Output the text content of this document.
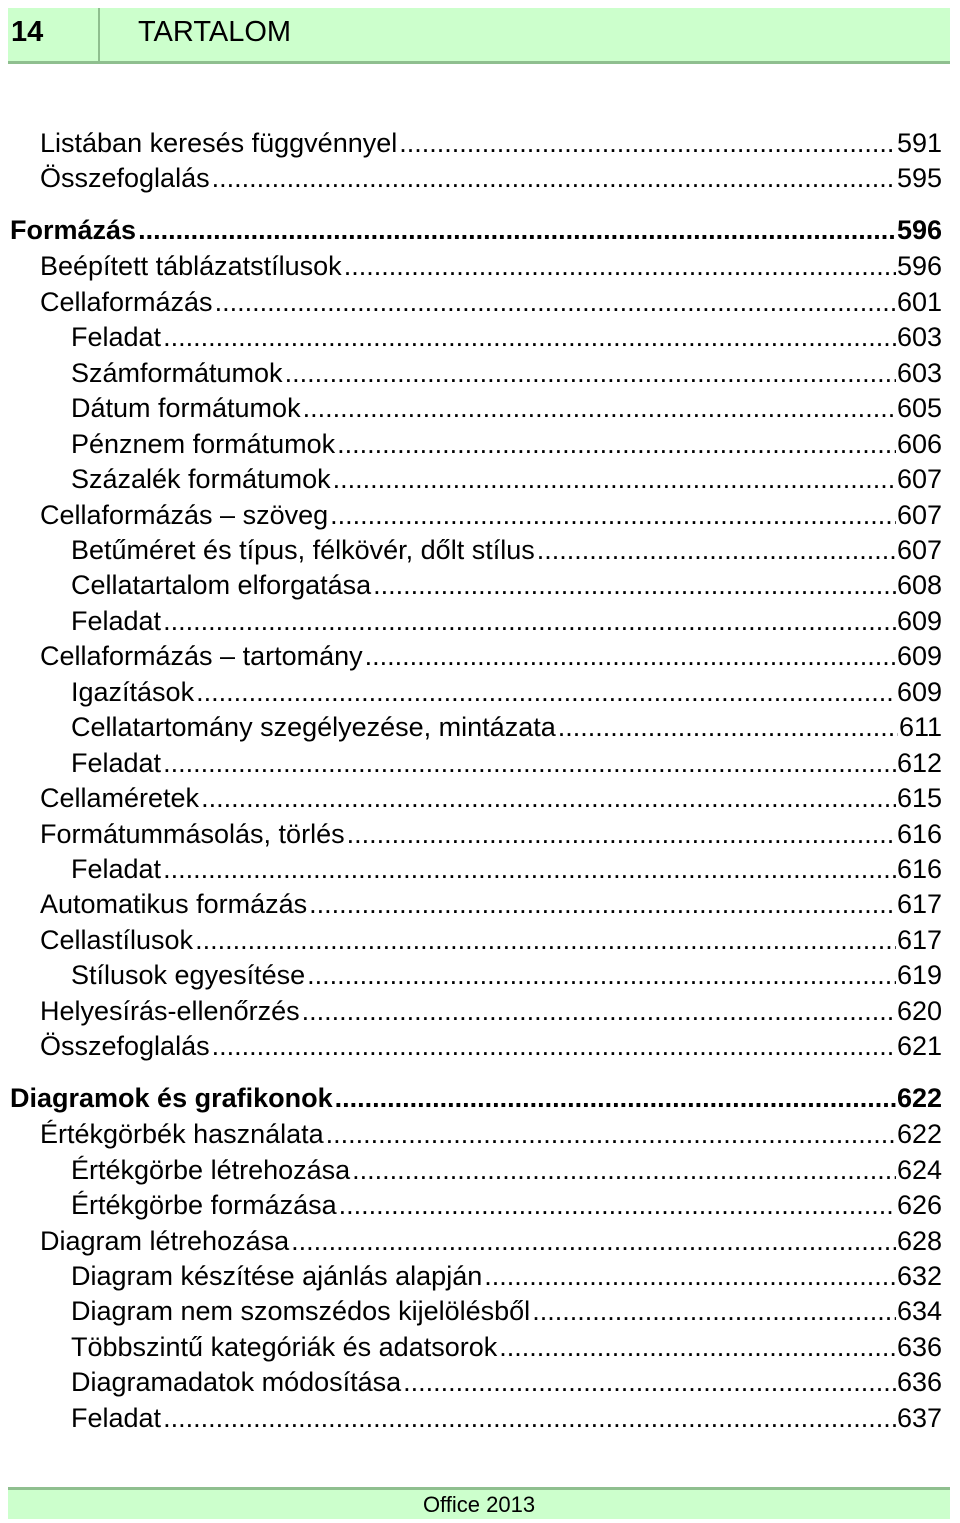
14	TARTALOM
Listában keresés függvénnyel .....	591
Összefoglalás .....	595
Formázás .....	596
Beépített táblázatstílusok .....	596
Cellaformázás .....	601
Feladat .....	603
Számformátumok .....	603
Dátum formátumok .....	605
Pénznem formátumok .....	606
Százalék formátumok .....	607
Cellaformázás – szöveg .....	607
Betűméret és típus, félkövér, dőlt stílus .....	607
Cellatartalom elforgatása .....	608
Feladat .....	609
Cellaformázás – tartomány .....	609
Igazítások .....	609
Cellatartomány szegélyezése, mintázata .....	611
Feladat .....	612
Cellaméretek .....	615
Formátummásolás, törlés .....	616
Feladat .....	616
Automatikus formázás .....	617
Cellastílusok .....	617
Stílusok egyesítése .....	619
Helyesírás-ellenőrzés .....	620
Összefoglalás .....	621
Diagramok és grafikonok .....	622
Értékgörbék használata .....	622
Értékgörbe létrehozása .....	624
Értékgörbe formázása .....	626
Diagram létrehozása .....	628
Diagram készítése ajánlás alapján .....	632
Diagram nem szomszédos kijelölésből .....	634
Többszintű kategóriák és adatsorok .....	636
Diagramadatok módosítása .....	636
Feladat .....	637
Office 2013
